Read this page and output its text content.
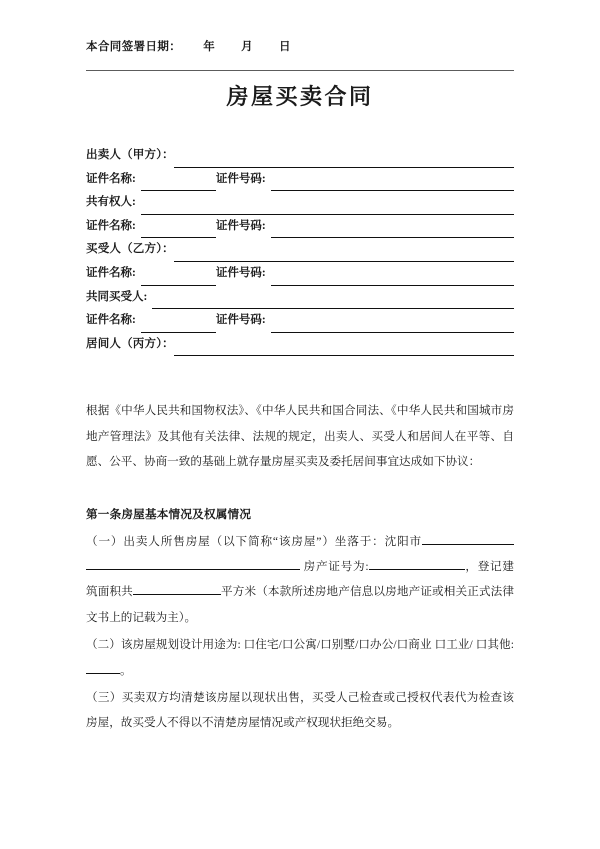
本合同签署日期： 年 月 日
房屋买卖合同
出卖人（甲方）：
证件名称:	证件号码:
共有权人:
证件名称:	证件号码:
买受人（乙方）：
证件名称:	证件号码:
共同买受人:
证件名称:	证件号码:
居间人（丙方）：

根据《中华人民共和国物权法》、《中华人民共和国合同法、《中华人民共和国城市房地产管理法》及其他有关法律、法规的规定，出卖人、买受人和居间人在平等、自愿、公平、协商一致的基础上就存量房屋买卖及委托居间事宜达成如下协议：

第一条房屋基本情况及权属情况
（一）出卖人所售房屋（以下简称“该房屋”）坐落于：沈阳市 房产证号为:	，登记建筑面积共	平方米（本款所述房地产信息以房地产证或相关正式法律文书上的记载为主）。
（二）该房屋规划设计用途为: 口住宅/口公寓/口别墅/口办公/口商业 口工业/ 口其他:。
（三）买卖双方均清楚该房屋以现状出售，买受人己检查或己授权代表代为检查该房屋，故买受人不得以不清楚房屋情况或产权现状拒绝交易。
